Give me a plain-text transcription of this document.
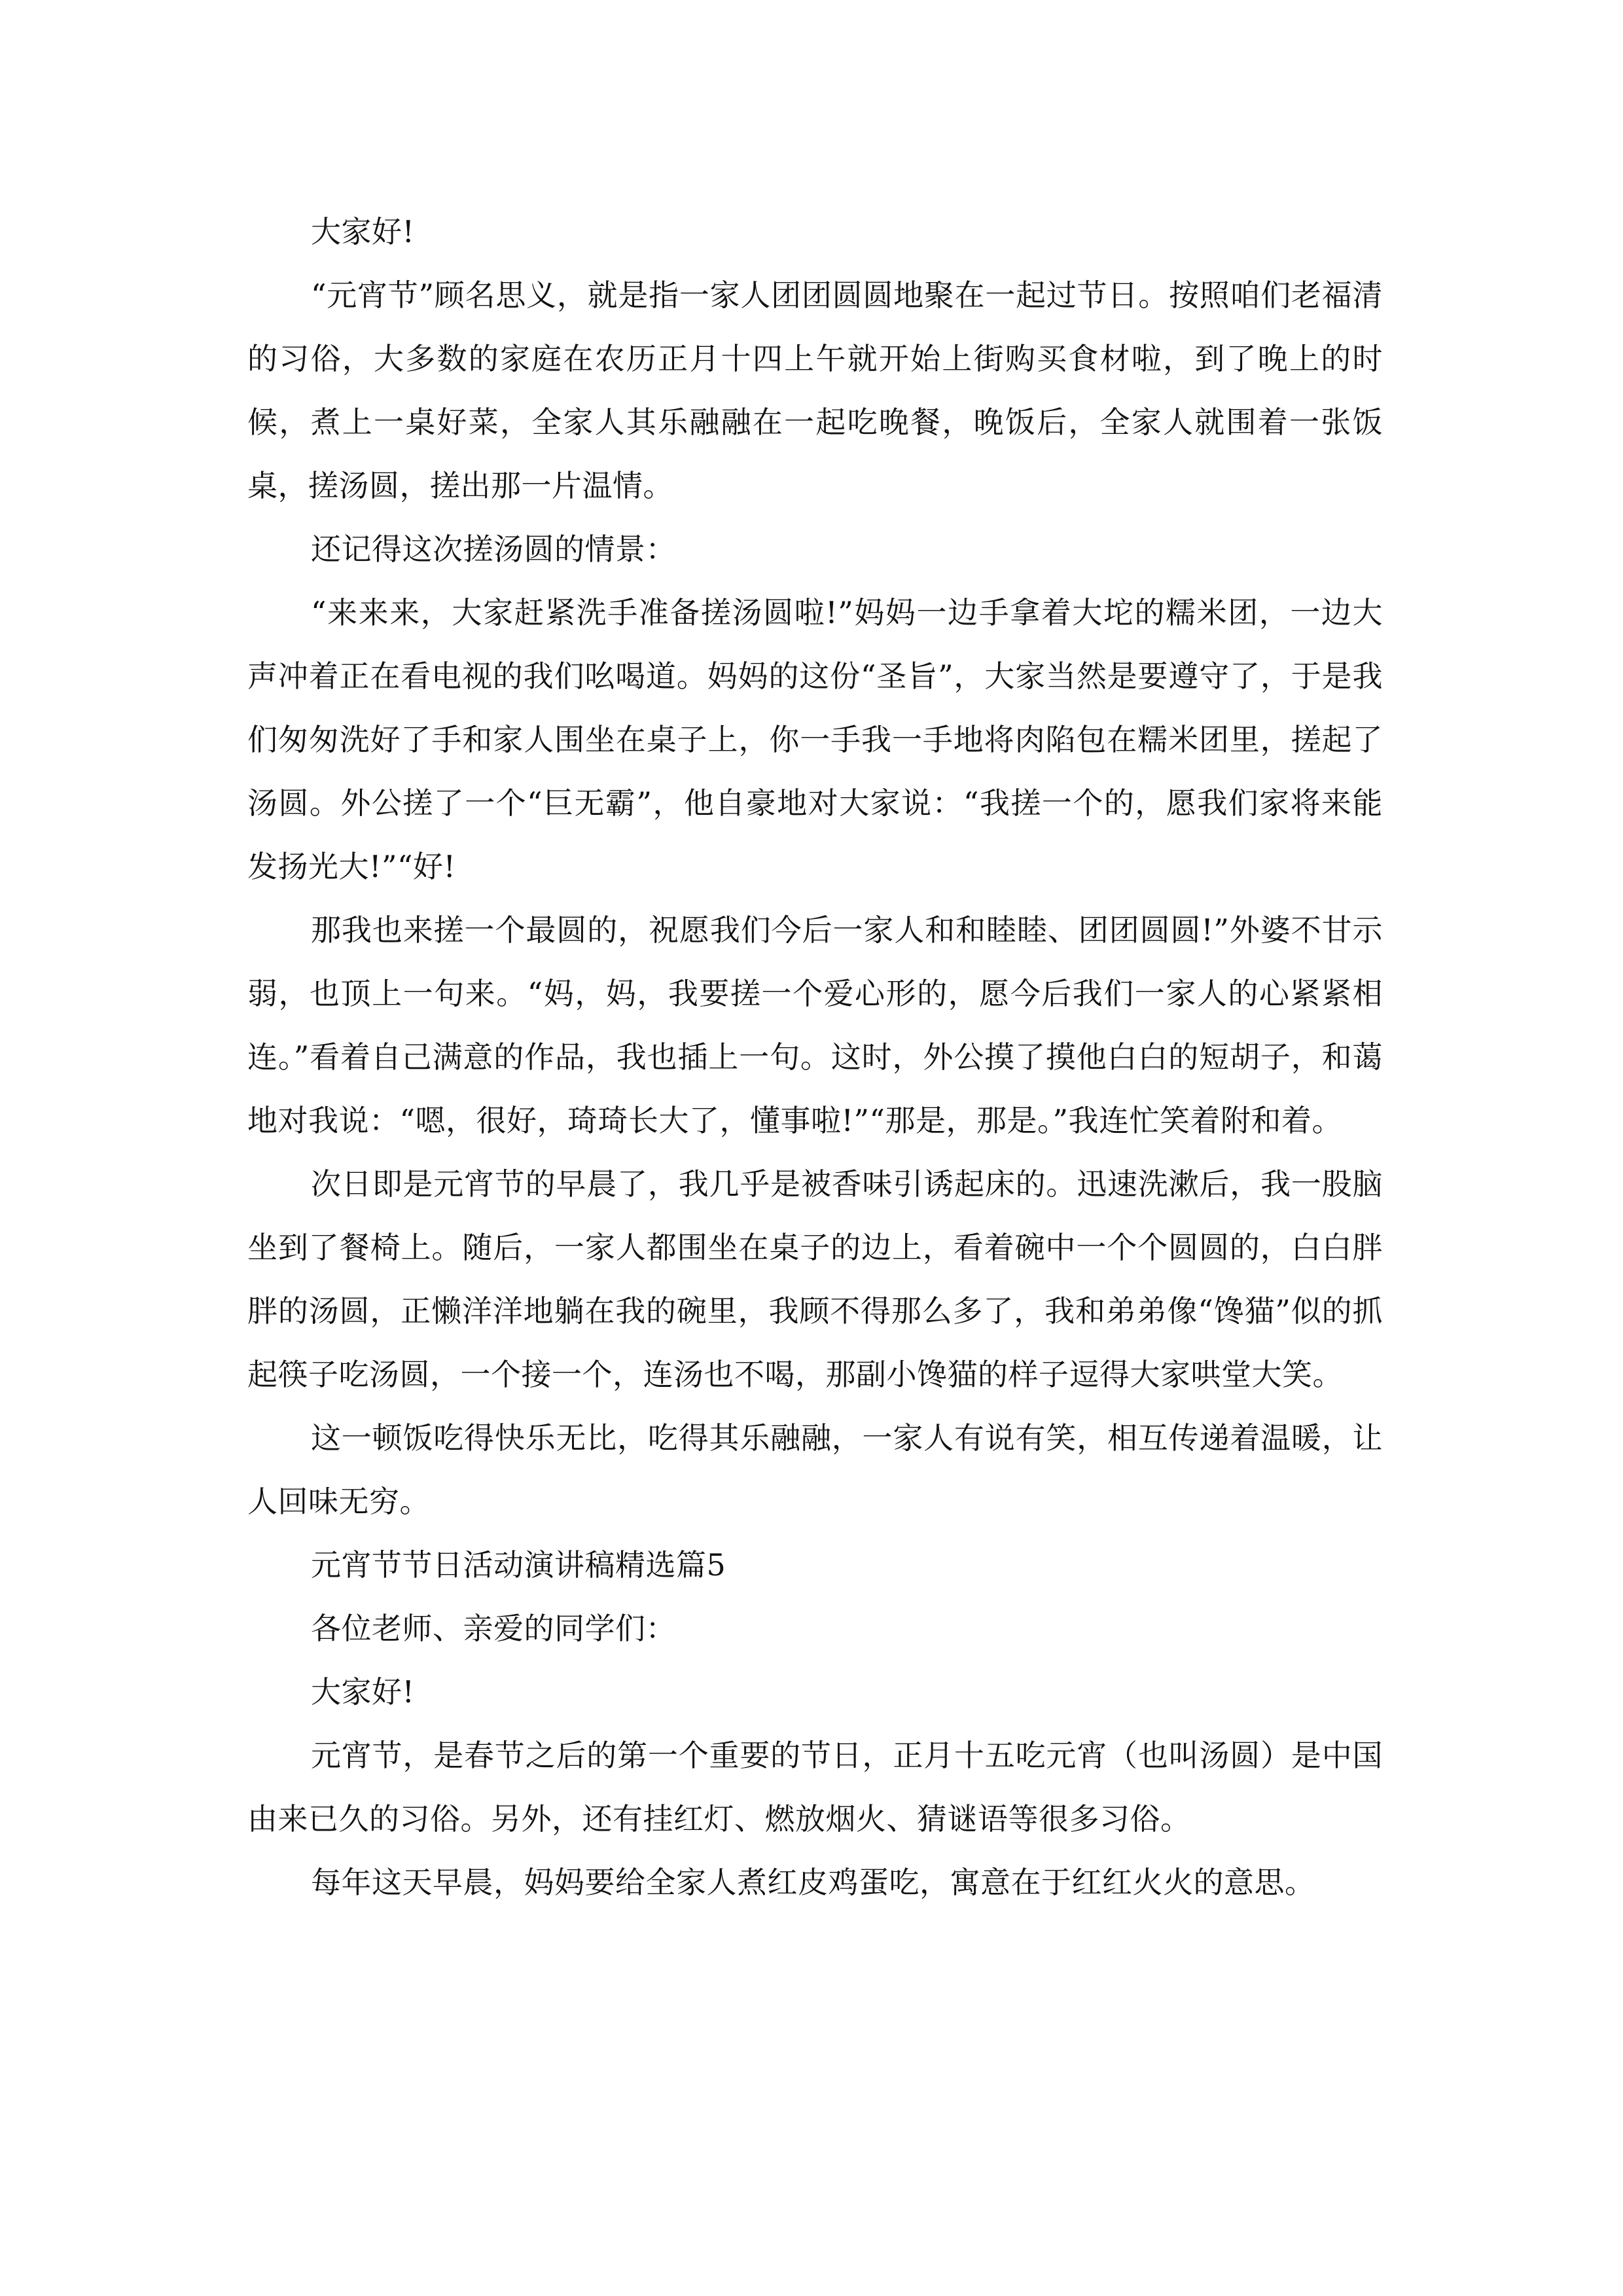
大家好!

“元宵节”顾名思义，就是指一家人团团圆圆地聚在一起过节日。按照咱们老福清的习俗，大多数的家庭在农历正月十四上午就开始上街购买食材啦，到了晚上的时候，煮上一桌好菜，全家人其乐融融在一起吃晚餐，晚饭后，全家人就围着一张饭桌，搓汤圆，搓出那一片温情。

还记得这次搓汤圆的情景：

“来来来，大家赶紧洗手准备搓汤圆啦!”妈妈一边手拿着大坨的糯米团，一边大声冲着正在看电视的我们吆喝道。妈妈的这份“圣旨”，大家当然是要遵守了，于是我们匆匆洗好了手和家人围坐在桌子上，你一手我一手地将肉陷包在糯米团里，搓起了汤圆。外公搓了一个“巨无霸”，他自豪地对大家说：“我搓一个的，愿我们家将来能发扬光大!”“好!

那我也来搓一个最圆的，祝愿我们今后一家人和和睦睦、团团圆圆!”外婆不甘示弱，也顶上一句来。“妈，妈，我要搓一个爱心形的，愿今后我们一家人的心紧紧相连。”看着自己满意的作品，我也插上一句。这时，外公摸了摸他白白的短胡子，和蔼地对我说：“嗯，很好，琦琦长大了，懂事啦!”“那是，那是。”我连忙笑着附和着。

次日即是元宵节的早晨了，我几乎是被香味引诱起床的。迅速洗漱后，我一股脑坐到了餐椅上。随后，一家人都围坐在桌子的边上，看着碗中一个个圆圆的，白白胖胖的汤圆，正懒洋洋地躺在我的碗里，我顾不得那么多了，我和弟弟像“馋猫”似的抓起筷子吃汤圆，一个接一个，连汤也不喝，那副小馋猫的样子逗得大家哄堂大笑。

这一顿饭吃得快乐无比，吃得其乐融融，一家人有说有笑，相互传递着温暖，让人回味无穷。

元宵节节日活动演讲稿精选篇5

各位老师、亲爱的同学们：

大家好!

元宵节，是春节之后的第一个重要的节日，正月十五吃元宵（也叫汤圆）是中国由来已久的习俗。另外，还有挂红灯、燃放烟火、猜谜语等很多习俗。

每年这天早晨，妈妈要给全家人煮红皮鸡蛋吃，寓意在于红红火火的意思。
